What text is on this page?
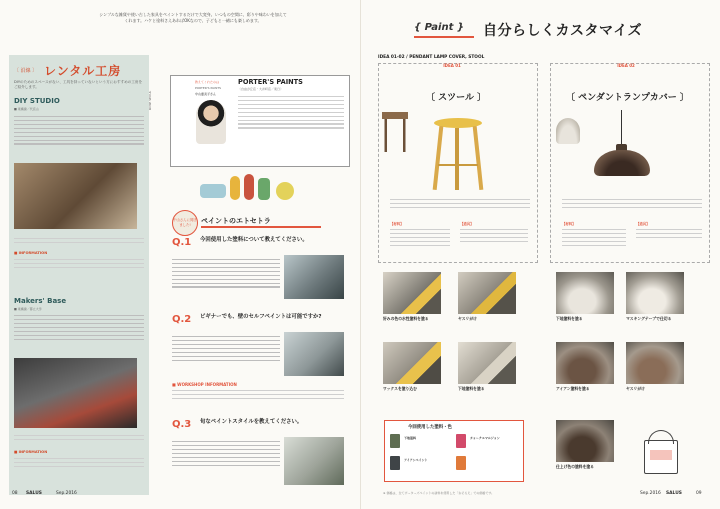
シンプルな雑貨や使い古した家具をペイントするだけで大変身。いつもの空間に、彩りや味わいを加えてくれます。ハケと塗料さえあればOKなので、子どもと一緒にも楽しめます。
〔 沿線 〕 レンタル工房
DIYのためのスペースがない、工具を持っていないという方におすすめの工房をご紹介します。
DIY STUDIO
■ 東横線／代官山
■ INFORMATION
Makers' Base
■ 東横線／都立大学
■ INFORMATION
ROSE SEOUL
教えてくれたのは
PORTER'S PAINTS
中山恵美子さん
PORTER'S PAINTS
〈自由が丘店・大井町店／東日〉
中山さんに聞きました!	ペイントのエトセトラ
Q.1 今回使用した塗料について教えてください。
Q.2 ビギナーでも、壁のセルフペイントは可能ですか?
■ WORKSHOP INFORMATION
Q.3 旬なペイントスタイルを教えてください。
08 SALUS	Sep.2016
{ Paint } 自分らしくカスタマイズ
IDEA 01-02 / PENDANT LAMP COVER, STOOL
IDEA 01
〔 スツール 〕
【材料】	【道具】
IDEA 02
〔 ペンダントランプカバー 〕
【材料】	【道具】
好みの色の水性塗料を塗る	ヤスリがけ
ワックスを塗り込む	下地塗料を塗る
今回使用した塗料・色
下地塗料	チョークエマルジョン
アイアンペイント
下地塗料を塗る	マスキングテープで仕切る
アイアン塗料を塗る	ヤスリがけ
仕上げ色の塗料を塗る
※ 価格は、全てポーターズペイントの塗料を使用した「おそろえ」での価格です。	Sep.2016 SALUS	09
